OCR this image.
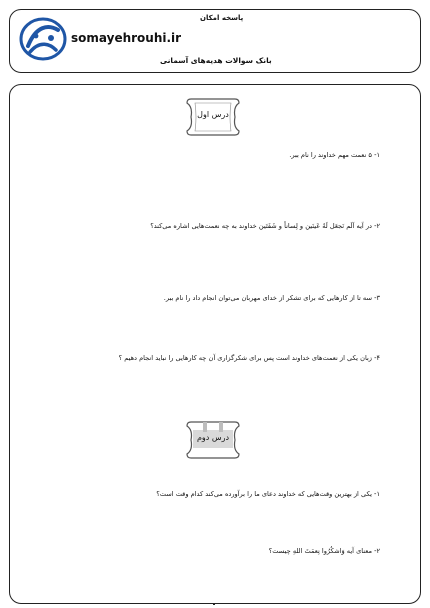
پاسخه امکان
somayehrouhi.ir
بانک سوالات هدیه‌های آسمانی
درس اول
۱- ۵ نعمت مهم خداوند را نام ببر.
۲- در آیه اَلَم نَجعَل لَهُ عَینَین و لِساناً و شَفَتَین خداوند به چه نعمت‌هایی اشاره می‌کند؟
۳- سه تا از کارهایی که برای تشکر از خدای مهربان می‌توان انجام داد را نام ببر.
۴- زبان یکی از نعمت‌های خداوند است پس برای شکرگزاری آن چه کارهایی را نباید انجام دهیم ؟
درس دوم
۱- یکی از بهترین وقت‌هایی که خداوند دعای ما را برآورده می‌کند کدام وقت است؟
۲- معنای آیه وَاشکُرُوا نِعمَتَ اللهِ چیست؟
